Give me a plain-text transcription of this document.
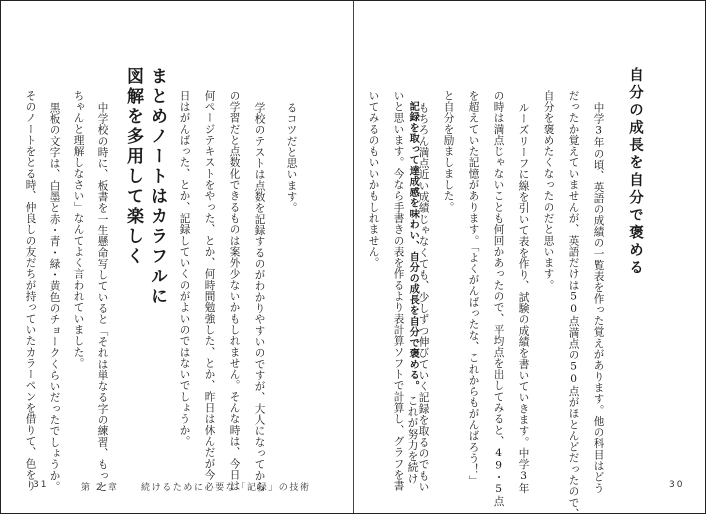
自分の成長を自分で褒める
中学3年の頃、英語の成績の一覧表を作った覚えがあります。他の科目はどう
だったか覚えていませんが、英語だけは50点満点の50点がほとんどだったので、
自分を褒めたくなったのだと思います。
ルーズリーフに線を引いて表を作り、試験の成績を書いていきます。中学3年
の時は満点じゃないことも何回かあったので、平均点を出してみると、49・5点
を超えていた記憶があります。「よくがんばったな、これからもがんばろう！」
と自分を励ましました。
もちろん満点近い成績じゃなくても、少しずつ伸びていく記録を取るのでもい
いと思います。今なら手書きの表を作るより表計算ソフトで計算し、グラフを書
いてみるのもいいかもしれません。
30
るコツだと思います。
学校のテストは点数を記録するのがわかりやすいのですが、大人になってから
の学習だと点数化できるものは案外少ないかもしれません。そんな時は、今日は
何ページテキストをやった、とか、何時間勉強した、とか、昨日は休んだが今
日はがんばった、とか、記録していくのがよいのではないでしょうか。
まとめノートはカラフルに
図解を多用して楽しく
中学校の時に、板書を一生懸命写していると「それは単なる字の練習、もっと
ちゃんと理解しなさい」なんてよく言われていました。
黒板の文字は、白墨と赤・青・緑・黄色のチョークくらいだったでしょうか。
そのノートをとる時、仲良しの友だちが持っていたカラーペンを借りて、色をり
31	第 2 章	続けるために必要な「記録」の技術
記録を取って達成感を味わい、自分の成長を自分で褒める。
これが努力を続け
